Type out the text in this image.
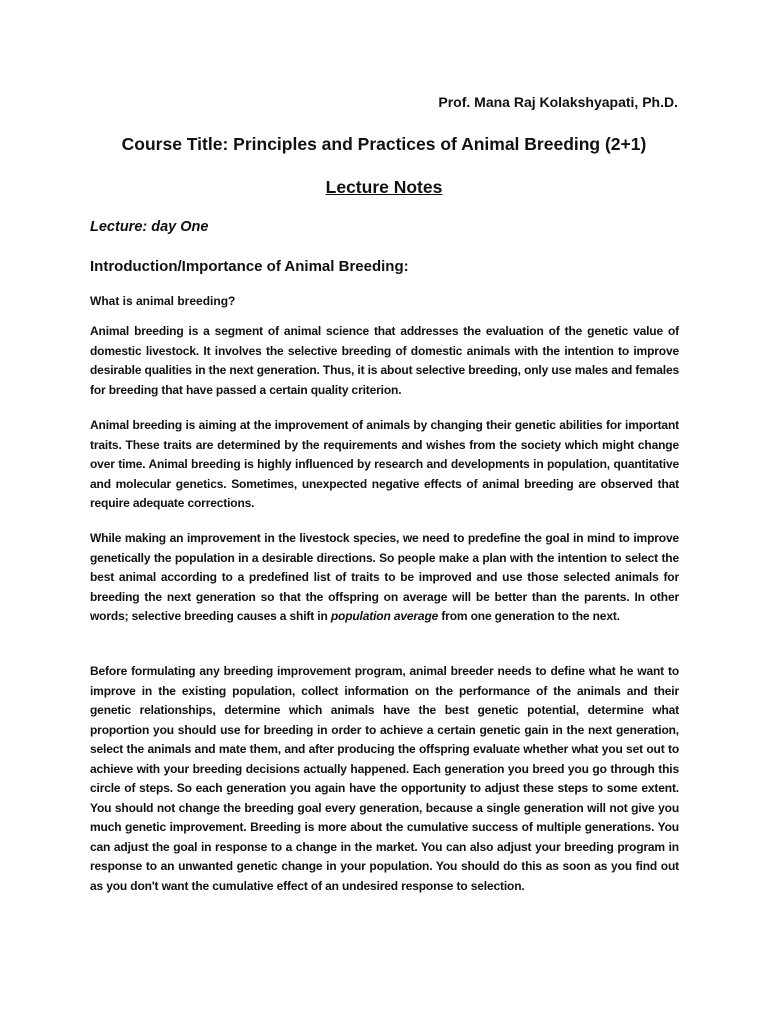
Prof. Mana Raj Kolakshyapati, Ph.D.

Course Title: Principles and Practices of Animal Breeding (2+1)
Lecture Notes

Lecture: day One

Introduction/Importance of Animal Breeding:

What is animal breeding?

Animal breeding is a segment of animal science that addresses the evaluation of the genetic value of domestic livestock. It involves the selective breeding of domestic animals with the intention to improve desirable qualities in the next generation. Thus, it is about selective breeding, only use males and females for breeding that have passed a certain quality criterion.

Animal breeding is aiming at the improvement of animals by changing their genetic abilities for important traits. These traits are determined by the requirements and wishes from the society which might change over time. Animal breeding is highly influenced by research and developments in population, quantitative and molecular genetics. Sometimes, unexpected negative effects of animal breeding are observed that require adequate corrections.

While making an improvement in the livestock species, we need to predefine the goal in mind to improve genetically the population in a desirable directions. So people make a plan with the intention to select the best animal according to a predefined list of traits to be improved and use those selected animals for breeding the next generation so that the offspring on average will be better than the parents. In other words; selective breeding causes a shift in population average from one generation to the next.

Before formulating any breeding improvement program, animal breeder needs to define what he want to improve in the existing population, collect information on the performance of the animals and their genetic relationships, determine which animals have the best genetic potential, determine what proportion you should use for breeding in order to achieve a certain genetic gain in the next generation, select the animals and mate them, and after producing the offspring evaluate whether what you set out to achieve with your breeding decisions actually happened. Each generation you breed you go through this circle of steps. So each generation you again have the opportunity to adjust these steps to some extent. You should not change the breeding goal every generation, because a single generation will not give you much genetic improvement. Breeding is more about the cumulative success of multiple generations. You can adjust the goal in response to a change in the market. You can also adjust your breeding program in response to an unwanted genetic change in your population. You should do this as soon as you find out as you don't want the cumulative effect of an undesired response to selection.
